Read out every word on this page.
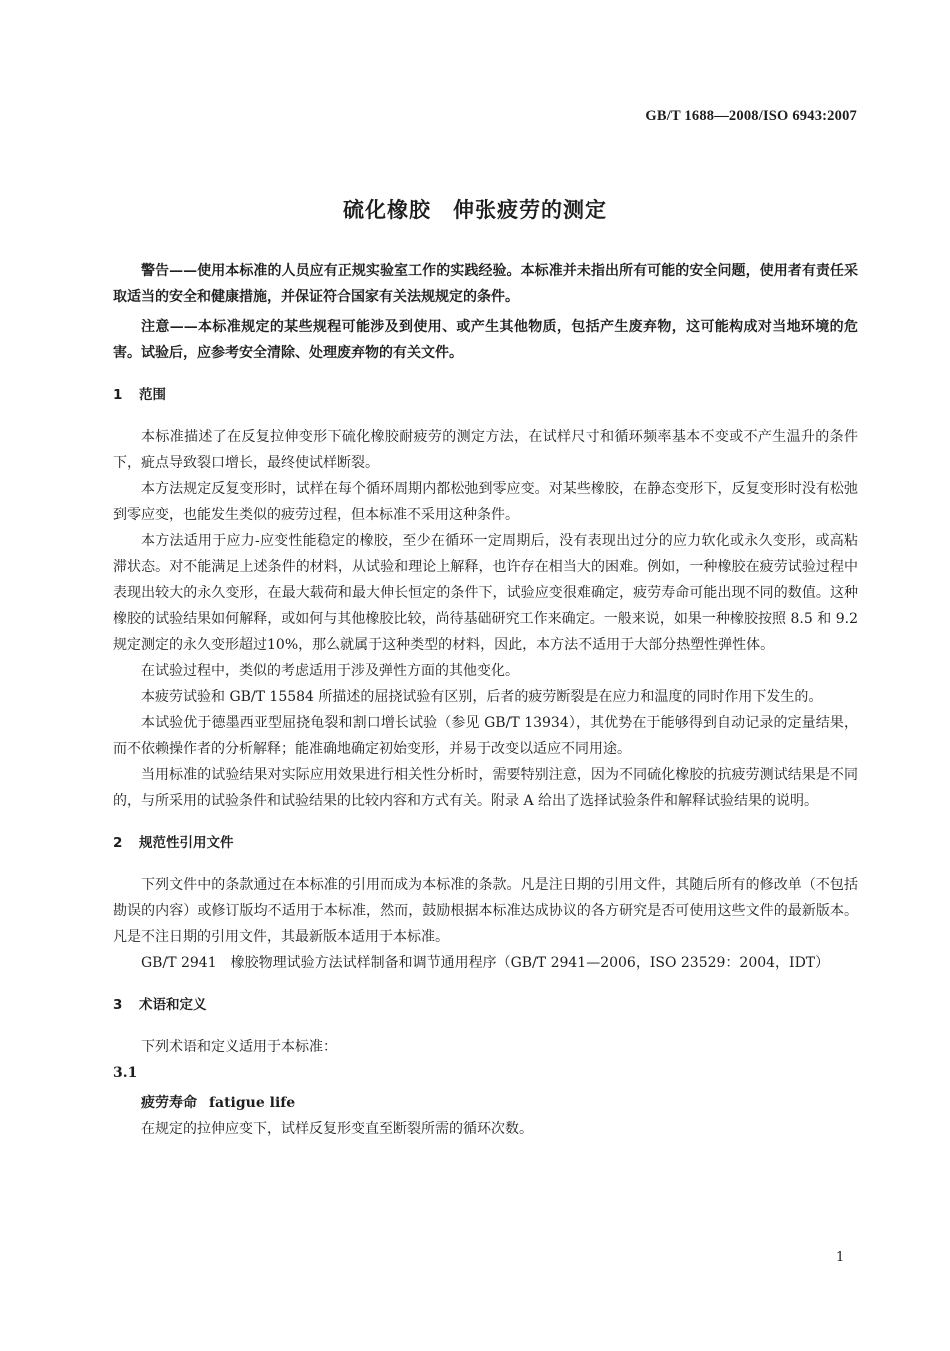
GB/T 1688—2008/ISO 6943:2007
硫化橡胶　伸张疲劳的测定

警告——使用本标准的人员应有正规实验室工作的实践经验。本标准并未指出所有可能的安全问题，使用者有责任采取适当的安全和健康措施，并保证符合国家有关法规规定的条件。

注意——本标准规定的某些规程可能涉及到使用、或产生其他物质，包括产生废弃物，这可能构成对当地环境的危害。试验后，应参考安全清除、处理废弃物的有关文件。

1 范围

本标准描述了在反复拉伸变形下硫化橡胶耐疲劳的测定方法，在试样尺寸和循环频率基本不变或不产生温升的条件下，疵点导致裂口增长，最终使试样断裂。

本方法规定反复变形时，试样在每个循环周期内都松弛到零应变。对某些橡胶，在静态变形下，反复变形时没有松弛到零应变，也能发生类似的疲劳过程，但本标准不采用这种条件。

本方法适用于应力-应变性能稳定的橡胶，至少在循环一定周期后，没有表现出过分的应力软化或永久变形，或高粘滞状态。对不能满足上述条件的材料，从试验和理论上解释，也许存在相当大的困难。例如，一种橡胶在疲劳试验过程中表现出较大的永久变形，在最大载荷和最大伸长恒定的条件下，试验应变很难确定，疲劳寿命可能出现不同的数值。这种橡胶的试验结果如何解释，或如何与其他橡胶比较，尚待基础研究工作来确定。一般来说，如果一种橡胶按照 8.5 和 9.2 规定测定的永久变形超过10%，那么就属于这种类型的材料，因此，本方法不适用于大部分热塑性弹性体。

在试验过程中，类似的考虑适用于涉及弹性方面的其他变化。

本疲劳试验和 GB/T 15584 所描述的屈挠试验有区别，后者的疲劳断裂是在应力和温度的同时作用下发生的。

本试验优于德墨西亚型屈挠龟裂和割口增长试验（参见 GB/T 13934），其优势在于能够得到自动记录的定量结果，而不依赖操作者的分析解释；能准确地确定初始变形，并易于改变以适应不同用途。

当用标准的试验结果对实际应用效果进行相关性分析时，需要特别注意，因为不同硫化橡胶的抗疲劳测试结果是不同的，与所采用的试验条件和试验结果的比较内容和方式有关。附录 A 给出了选择试验条件和解释试验结果的说明。

2 规范性引用文件

下列文件中的条款通过在本标准的引用而成为本标准的条款。凡是注日期的引用文件，其随后所有的修改单（不包括勘误的内容）或修订版均不适用于本标准，然而，鼓励根据本标准达成协议的各方研究是否可使用这些文件的最新版本。凡是不注日期的引用文件，其最新版本适用于本标准。

GB/T 2941　橡胶物理试验方法试样制备和调节通用程序（GB/T 2941—2006，ISO 23529：2004，IDT）

3 术语和定义

下列术语和定义适用于本标准：

3.1
疲劳寿命 fatigue life

在规定的拉伸应变下，试样反复形变直至断裂所需的循环次数。

1
